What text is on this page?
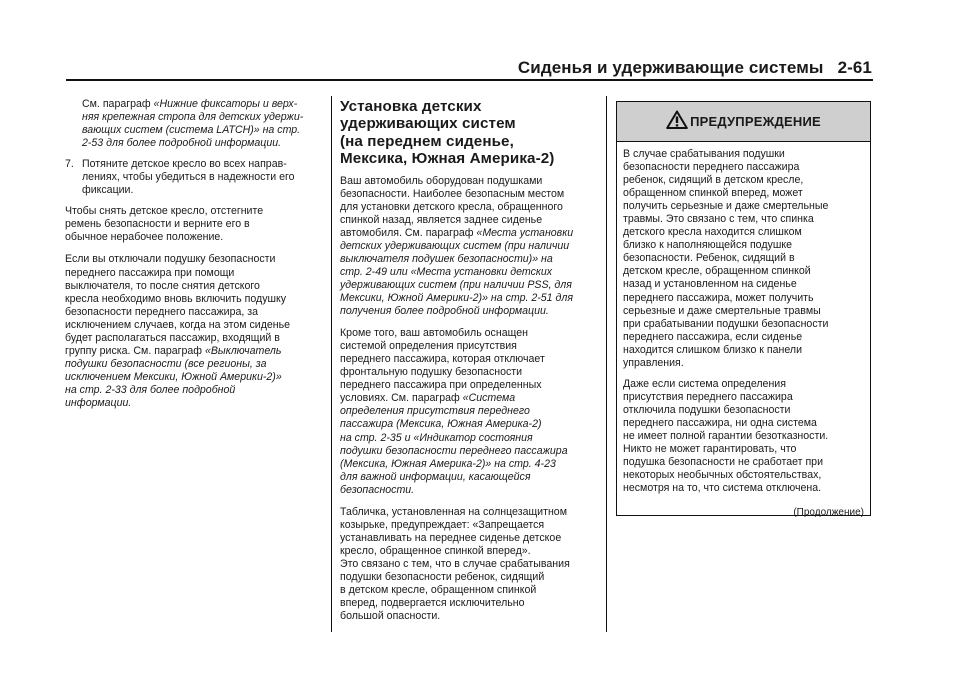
Сиденья и удерживающие системы 2-61
См. параграф «Нижние фиксаторы и верх-
няя крепежная стропа для детских удержи-
вающих систем (система LATCH)» на стр.
2-53 для более подробной информации.
7. Потяните детское кресло во всех направ-
лениях, чтобы убедиться в надежности его
фиксации.
Чтобы снять детское кресло, отстегните
ремень безопасности и верните его в
обычное нерабочее положение.
Если вы отключали подушку безопасности
переднего пассажира при помощи
выключателя, то после снятия детского
кресла необходимо вновь включить подушку
безопасности переднего пассажира, за
исключением случаев, когда на этом сиденье
будет располагаться пассажир, входящий в
группу риска. См. параграф «Выключатель
подушки безопасности (все регионы, за
исключением Мексики, Южной Америки-2)»
на стр. 2-33 для более подробной
информации.
Установка детских
удерживающих систем
(на переднем сиденье,
Мексика, Южная Америка-2)
Ваш автомобиль оборудован подушками
безопасности. Наиболее безопасным местом
для установки детского кресла, обращенного
спинкой назад, является заднее сиденье
автомобиля. См. параграф «Места установки
детских удерживающих систем (при наличии
выключателя подушек безопасности)» на
стр. 2-49 или «Места установки детских
удерживающих систем (при наличии PSS, для
Мексики, Южной Америки-2)» на стр. 2-51 для
получения более подробной информации.
Кроме того, ваш автомобиль оснащен
системой определения присутствия
переднего пассажира, которая отключает
фронтальную подушку безопасности
переднего пассажира при определенных
условиях. См. параграф «Система
определения присутствия переднего
пассажира (Мексика, Южная Америка-2)
на стр. 2-35 и «Индикатор состояния
подушки безопасности переднего пассажира
(Мексика, Южная Америка-2)» на стр. 4-23
для важной информации, касающейся
безопасности.
Табличка, установленная на солнцезащитном
козырьке, предупреждает: «Запрещается
устанавливать на переднее сиденье детское
кресло, обращенное спинкой вперед».
Это связано с тем, что в случае срабатывания
подушки безопасности ребенок, сидящий
в детском кресле, обращенном спинкой
вперед, подвергается исключительно
большой опасности.
ПРЕДУПРЕЖДЕНИЕ
В случае срабатывания подушки
безопасности переднего пассажира
ребенок, сидящий в детском кресле,
обращенном спинкой вперед, может
получить серьезные и даже смертельные
травмы. Это связано с тем, что спинка
детского кресла находится слишком
близко к наполняющейся подушке
безопасности. Ребенок, сидящий в
детском кресле, обращенном спинкой
назад и установленном на сиденье
переднего пассажира, может получить
серьезные и даже смертельные травмы
при срабатывании подушки безопасности
переднего пассажира, если сиденье
находится слишком близко к панели
управления.
Даже если система определения
присутствия переднего пассажира
отключила подушки безопасности
переднего пассажира, ни одна система
не имеет полной гарантии безотказности.
Никто не может гарантировать, что
подушка безопасности не сработает при
некоторых необычных обстоятельствах,
несмотря на то, что система отключена.

(Продолжение)
